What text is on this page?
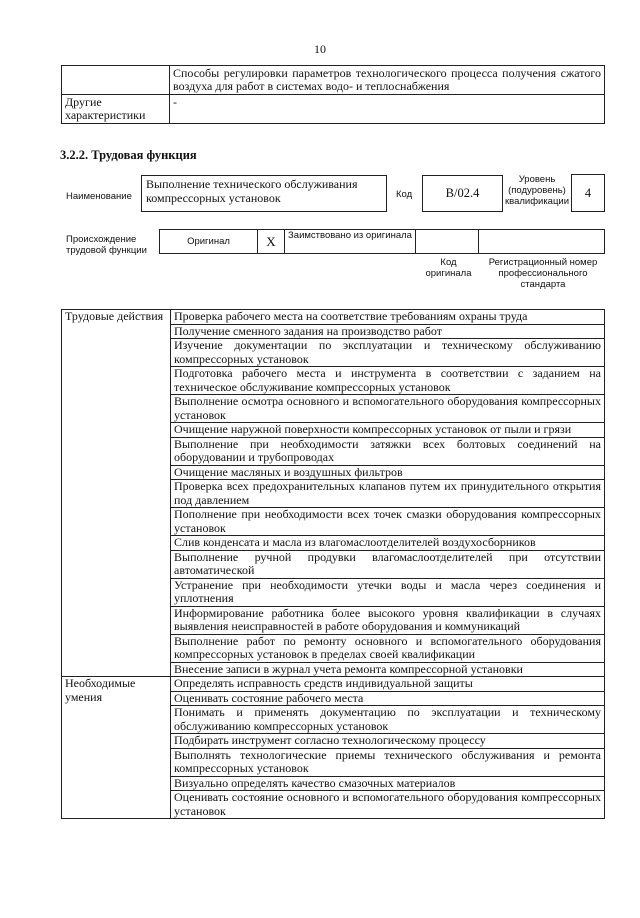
10
	Способы регулировки параметров технологического процесса получения сжатого воздуха для работ в системах водо- и теплоснабжения
Другие характеристики	-
3.2.2. Трудовая функция
Наименование
Выполнение технического обслуживания компрессорных установок	Код	B/02.4
Уровень (подуровень) квалификации
4
Происхождение трудовой функции
Оригинал	X	Заимствовано из оригинала		
Код оригинала
Регистрационный номер профессионального стандарта
Трудовые действия	Проверка рабочего места на соответствие требованиям охраны труда
	Получение сменного задания на производство работ
	Изучение документации по эксплуатации и техническому обслуживанию компрессорных установок
	Подготовка рабочего места и инструмента в соответствии с заданием на техническое обслуживание компрессорных установок
	Выполнение осмотра основного и вспомогательного оборудования компрессорных установок
	Очищение наружной поверхности компрессорных установок от пыли и грязи
	Выполнение при необходимости затяжки всех болтовых соединений на оборудовании и трубопроводах
	Очищение масляных и воздушных фильтров
	Проверка всех предохранительных клапанов путем их принудительного открытия под давлением
	Пополнение при необходимости всех точек смазки оборудования компрессорных установок
	Слив конденсата и масла из влагомаслоотделителей воздухосборников
	Выполнение ручной продувки влагомаслоотделителей при отсутствии автоматической
	Устранение при необходимости утечки воды и масла через соединения и уплотнения
	Информирование работника более высокого уровня квалификации в случаях выявления неисправностей в работе оборудования и коммуникаций
	Выполнение работ по ремонту основного и вспомогательного оборудования компрессорных установок в пределах своей квалификации
	Внесение записи в журнал учета ремонта компрессорной установки
Необходимые умения	Определять исправность средств индивидуальной защиты
	Оценивать состояние рабочего места
	Понимать и применять документацию по эксплуатации и техническому обслуживанию компрессорных установок
	Подбирать инструмент согласно технологическому процессу
	Выполнять технологические приемы технического обслуживания и ремонта компрессорных установок
	Визуально определять качество смазочных материалов
	Оценивать состояние основного и вспомогательного оборудования компрессорных установок
